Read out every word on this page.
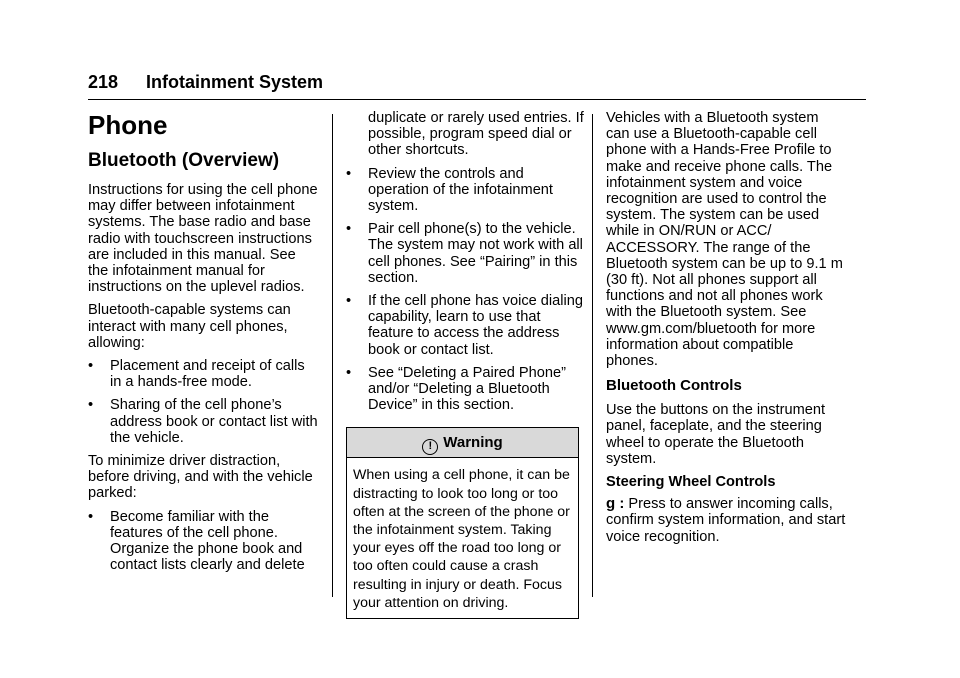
218 Infotainment System
Phone
Bluetooth (Overview)

Instructions for using the cell phone may differ between infotainment systems. The base radio and base radio with touchscreen instructions are included in this manual. See the infotainment manual for instructions on the uplevel radios.

Bluetooth-capable systems can interact with many cell phones, allowing:

•	Placement and receipt of calls in a hands-free mode.
•	Sharing of the cell phone’s address book or contact list with the vehicle.

To minimize driver distraction, before driving, and with the vehicle parked:

•	Become familiar with the features of the cell phone. Organize the phone book and contact lists clearly and delete
duplicate or rarely used entries. If possible, program speed dial or other shortcuts.
•	Review the controls and operation of the infotainment system.
•	Pair cell phone(s) to the vehicle. The system may not work with all cell phones. See “Pairing” in this section.
•	If the cell phone has voice dialing capability, learn to use that feature to access the address book or contact list.
•	See “Deleting a Paired Phone” and/or “Deleting a Bluetooth Device” in this section.
! Warning
When using a cell phone, it can be distracting to look too long or too often at the screen of the phone or the infotainment system. Taking your eyes off the road too long or too often could cause a crash resulting in injury or death. Focus your attention on driving.

Vehicles with a Bluetooth system can use a Bluetooth-capable cell phone with a Hands-Free Profile to make and receive phone calls. The infotainment system and voice recognition are used to control the system. The system can be used while in ON/RUN or ACC/ ACCESSORY. The range of the Bluetooth system can be up to 9.1 m (30 ft). Not all phones support all functions and not all phones work with the Bluetooth system. See www.gm.com/bluetooth for more information about compatible phones.

Bluetooth Controls

Use the buttons on the instrument panel, faceplate, and the steering wheel to operate the Bluetooth system.

Steering Wheel Controls

g : Press to answer incoming calls, confirm system information, and start voice recognition.
